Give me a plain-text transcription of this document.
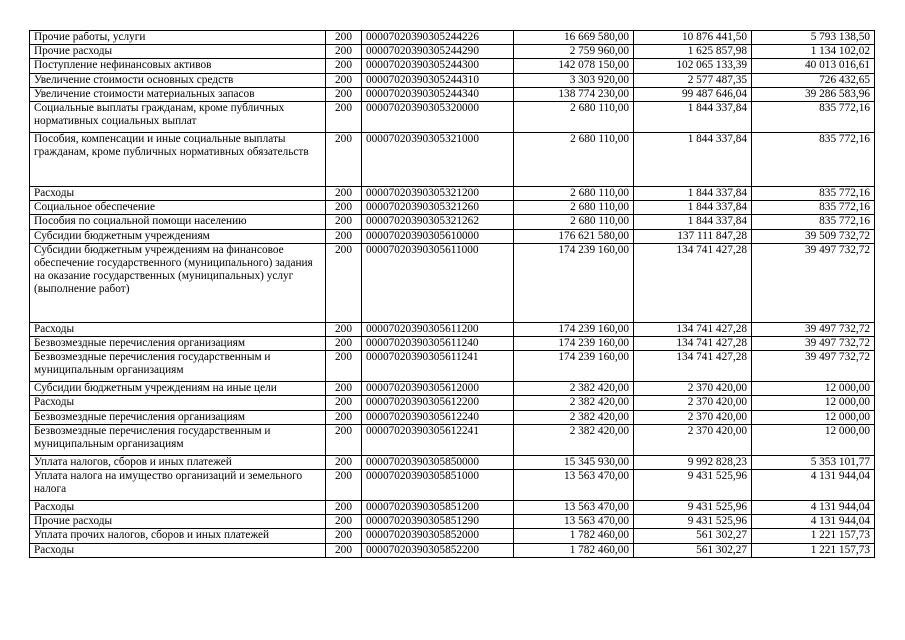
Прочие работы, услуги	200	00007020390305244226	16 669 580,00	10 876 441,50	5 793 138,50
Прочие расходы	200	00007020390305244290	2 759 960,00	1 625 857,98	1 134 102,02
Поступление нефинансовых активов	200	00007020390305244300	142 078 150,00	102 065 133,39	40 013 016,61
Увеличение стоимости основных средств	200	00007020390305244310	3 303 920,00	2 577 487,35	726 432,65
Увеличение стоимости материальных запасов	200	00007020390305244340	138 774 230,00	99 487 646,04	39 286 583,96
Социальные выплаты гражданам, кроме публичных нормативных социальных выплат	200	00007020390305320000	2 680 110,00	1 844 337,84	835 772,16
Пособия, компенсации и иные социальные выплаты гражданам, кроме публичных нормативных обязательств	200	00007020390305321000	2 680 110,00	1 844 337,84	835 772,16
Расходы	200	00007020390305321200	2 680 110,00	1 844 337,84	835 772,16
Социальное обеспечение	200	00007020390305321260	2 680 110,00	1 844 337,84	835 772,16
Пособия по социальной помощи населению	200	00007020390305321262	2 680 110,00	1 844 337,84	835 772,16
Субсидии бюджетным учреждениям	200	00007020390305610000	176 621 580,00	137 111 847,28	39 509 732,72
Субсидии бюджетным учреждениям на финансовое обеспечение государственного (муниципального) задания на оказание государственных (муниципальных) услуг (выполнение работ)	200	00007020390305611000	174 239 160,00	134 741 427,28	39 497 732,72
Расходы	200	00007020390305611200	174 239 160,00	134 741 427,28	39 497 732,72
Безвозмездные перечисления организациям	200	00007020390305611240	174 239 160,00	134 741 427,28	39 497 732,72
Безвозмездные перечисления государственным и муниципальным организациям	200	00007020390305611241	174 239 160,00	134 741 427,28	39 497 732,72
Субсидии бюджетным учреждениям на иные цели	200	00007020390305612000	2 382 420,00	2 370 420,00	12 000,00
Расходы	200	00007020390305612200	2 382 420,00	2 370 420,00	12 000,00
Безвозмездные перечисления организациям	200	00007020390305612240	2 382 420,00	2 370 420,00	12 000,00
Безвозмездные перечисления государственным и муниципальным организациям	200	00007020390305612241	2 382 420,00	2 370 420,00	12 000,00
Уплата налогов, сборов и иных платежей	200	00007020390305850000	15 345 930,00	9 992 828,23	5 353 101,77
Уплата налога на имущество организаций и земельного налога	200	00007020390305851000	13 563 470,00	9 431 525,96	4 131 944,04
Расходы	200	00007020390305851200	13 563 470,00	9 431 525,96	4 131 944,04
Прочие расходы	200	00007020390305851290	13 563 470,00	9 431 525,96	4 131 944,04
Уплата прочих налогов, сборов и иных платежей	200	00007020390305852000	1 782 460,00	561 302,27	1 221 157,73
Расходы	200	00007020390305852200	1 782 460,00	561 302,27	1 221 157,73
